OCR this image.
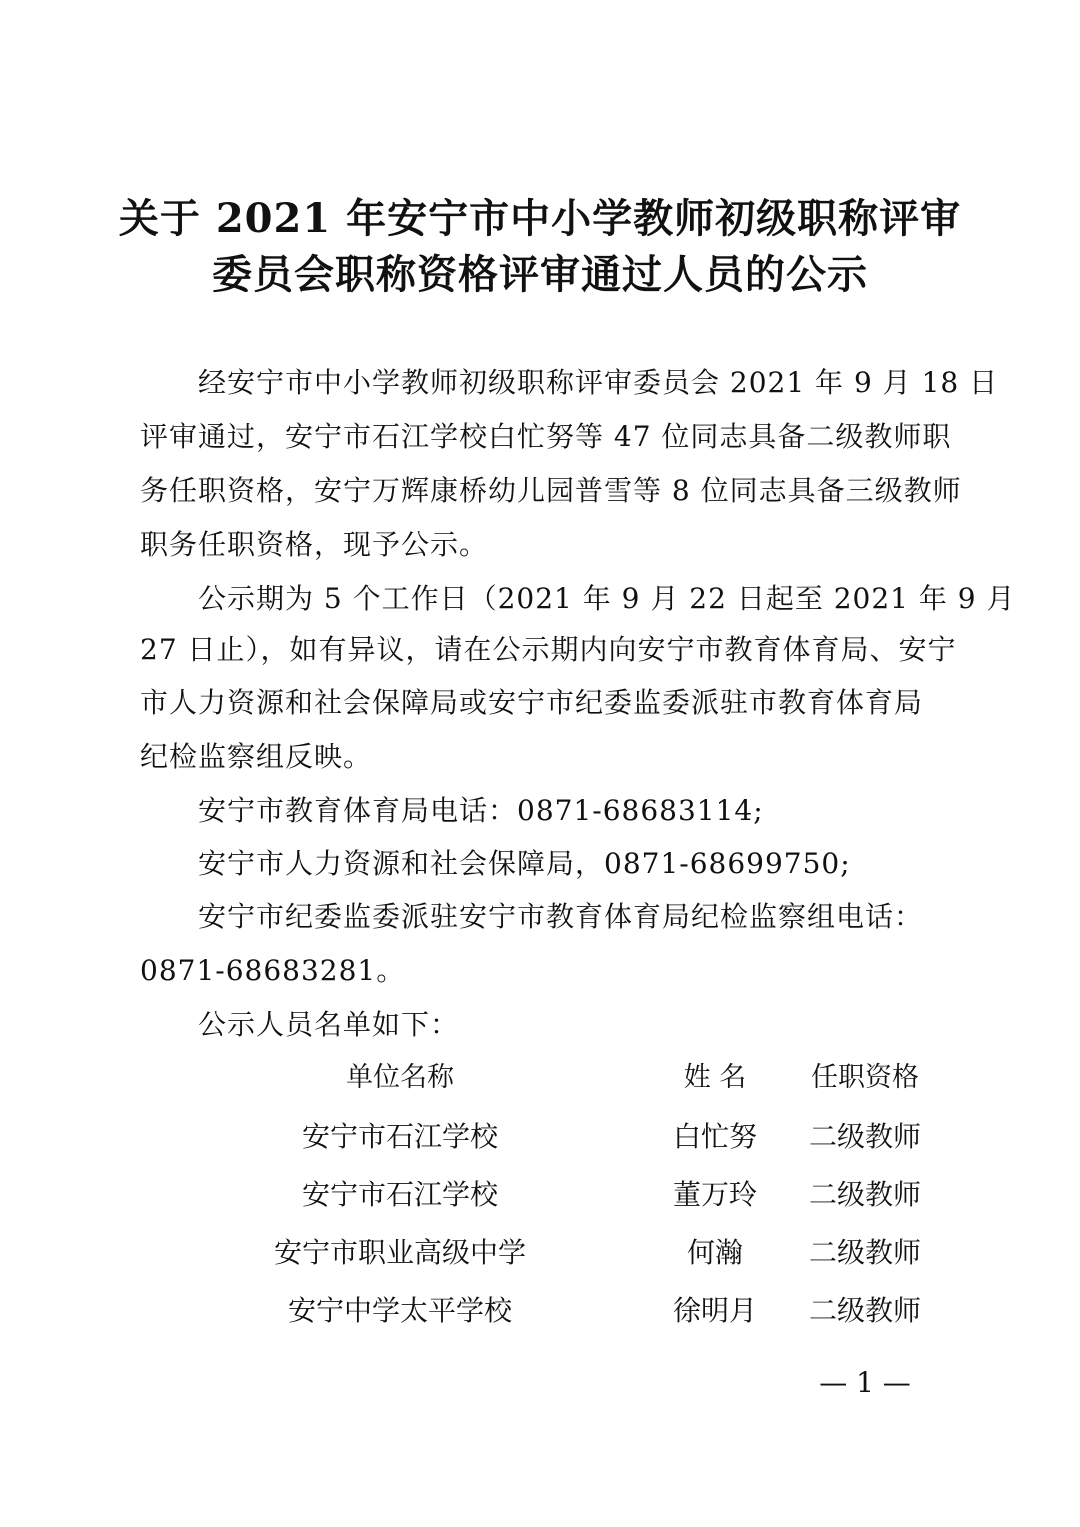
关于 2021 年安宁市中小学教师初级职称评审
委员会职称资格评审通过人员的公示
经安宁市中小学教师初级职称评审委员会 2021 年 9 月 18 日
评审通过，安宁市石江学校白忙努等 47 位同志具备二级教师职
务任职资格，安宁万辉康桥幼儿园普雪等 8 位同志具备三级教师
职务任职资格，现予公示。
公示期为 5 个工作日（2021 年 9 月 22 日起至 2021 年 9 月
27 日止），如有异议，请在公示期内向安宁市教育体育局、安宁
市人力资源和社会保障局或安宁市纪委监委派驻市教育体育局
纪检监察组反映。
安宁市教育体育局电话：0871-68683114;
安宁市人力资源和社会保障局，0871-68699750;
安宁市纪委监委派驻安宁市教育体育局纪检监察组电话：
0871-68683281。
公示人员名单如下：
单位名称	姓 名	任职资格
安宁市石江学校	白忙努	二级教师
安宁市石江学校	董万玲	二级教师
安宁市职业高级中学	何瀚	二级教师
安宁中学太平学校	徐明月	二级教师
— 1 —
